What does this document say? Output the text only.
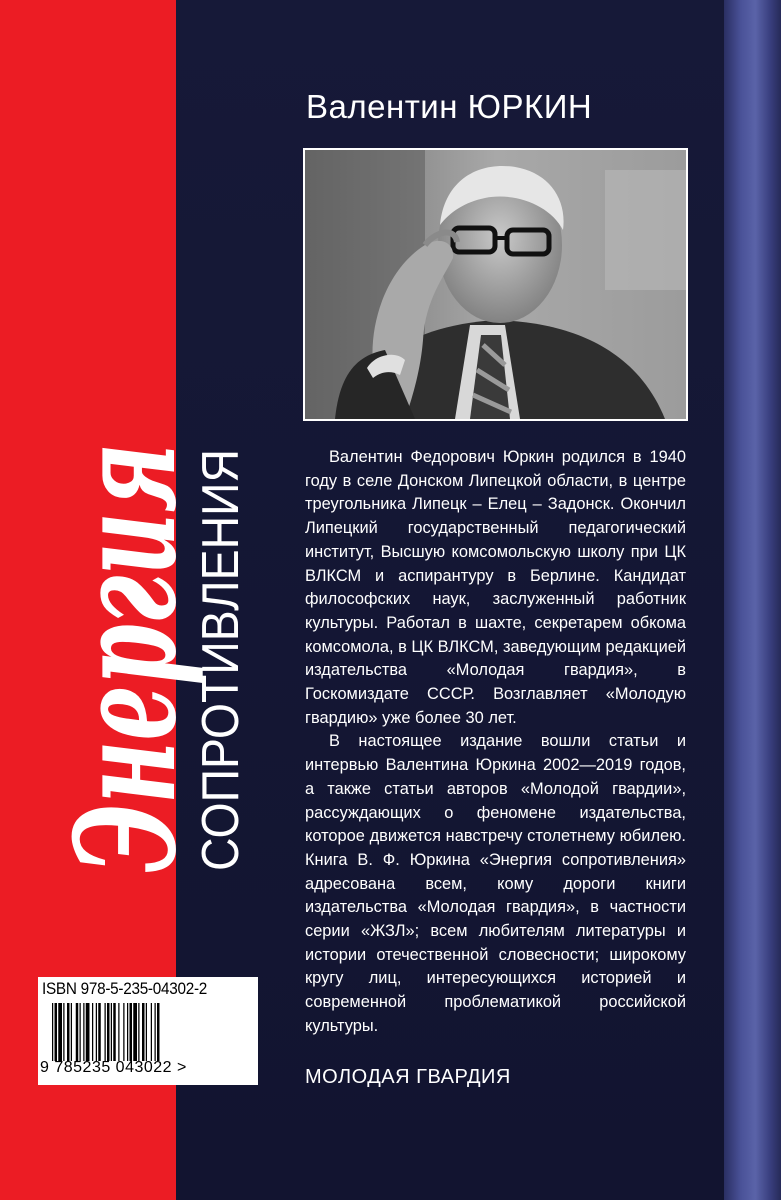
Валентин ЮРКИН

Валентин Федорович Юркин родился в 1940 году в селе Донском Липецкой области, в центре треугольника Липецк – Елец – Задонск. Окончил Липецкий государственный педагогический институт, Высшую комсомольскую школу при ЦК ВЛКСМ и аспирантуру в Берлине. Кандидат философских наук, заслуженный работник культуры. Работал в шахте, секретарем обкома комсомола, в ЦК ВЛКСМ, заведующим редакцией издательства «Молодая гвардия», в Госкомиздате СССР. Возглавляет «Молодую гвардию» уже более 30 лет.

В настоящее издание вошли статьи и интервью Валентина Юркина 2002—2019 годов, а также статьи авторов «Молодой гвардии», рассуждающих о феномене издательства, которое движется навстречу столетнему юбилею. Книга В. Ф. Юркина «Энергия сопротивления» адресована всем, кому дороги книги издательства «Молодая гвардия», в частности серии «ЖЗЛ»; всем любителям литературы и истории отечественной словесности; широкому кругу лиц, интересующихся историей и современной проблематикой российской культуры.

МОЛОДАЯ ГВАРДИЯ
Энергия
СОПРОТИВЛЕНИЯ
ISBN 978-5-235-04302-2
9 785235 043022 >
